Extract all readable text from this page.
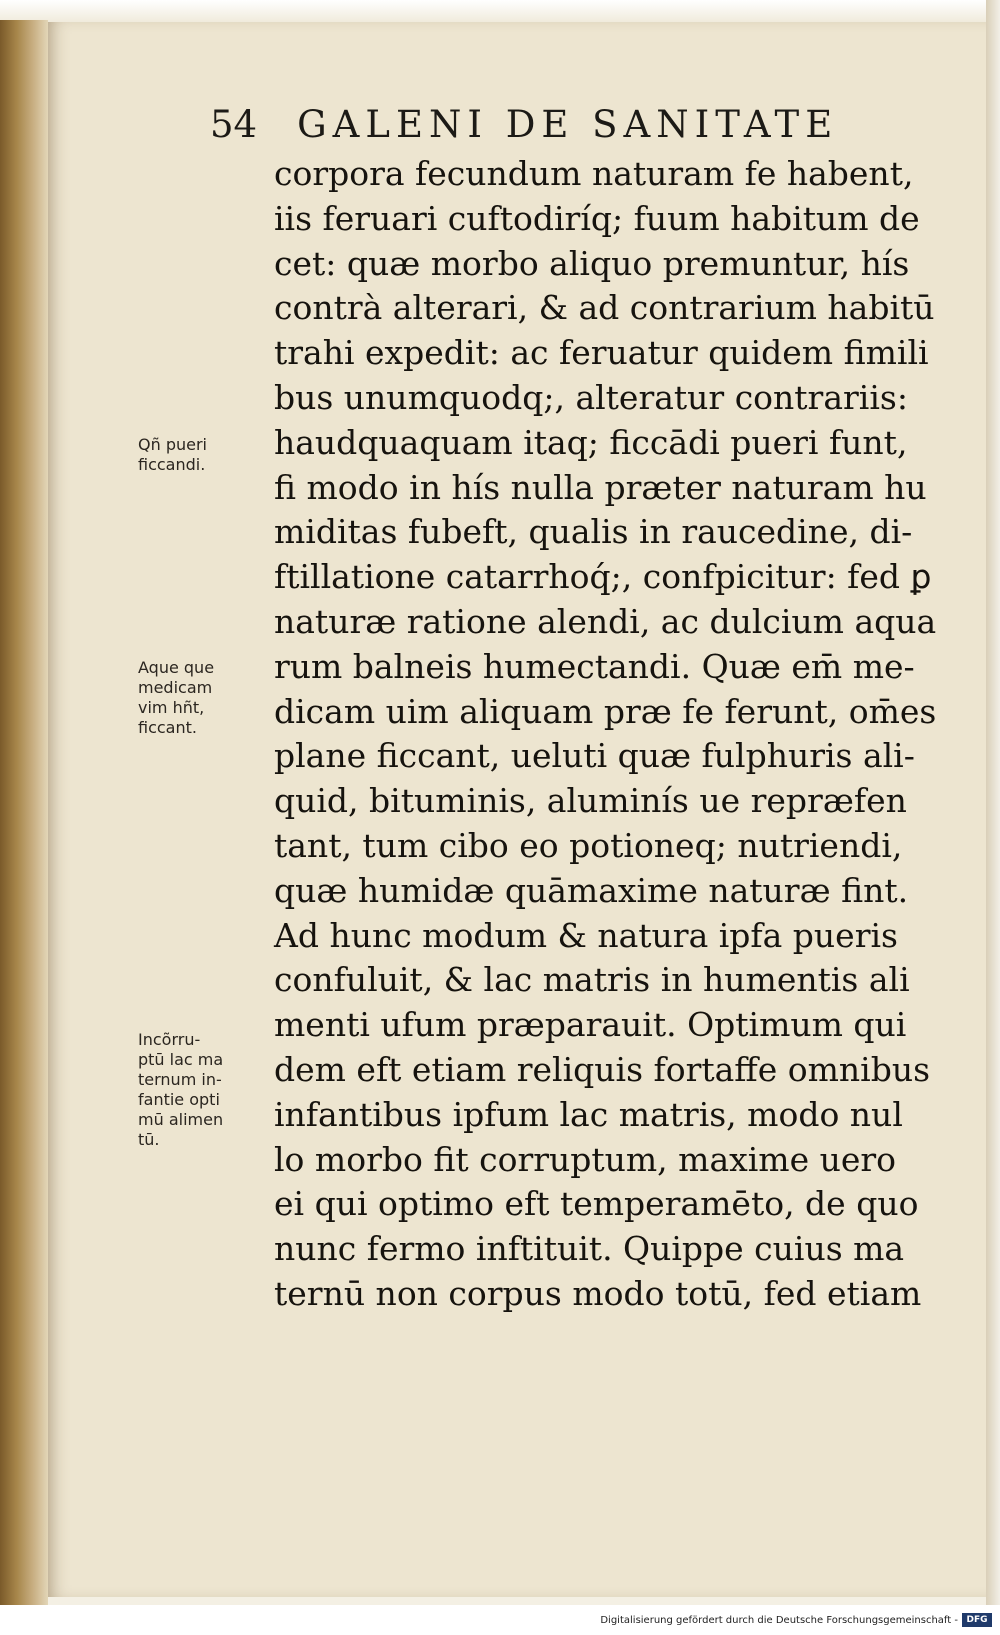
54 GALENI DE SANITATE
corpora fecundum naturam fe habent,
iis feruari cuftodiríq; fuum habitum de
cet: quæ morbo aliquo premuntur, hís
contrà alterari, & ad contrarium habitū
trahi expedit: ac feruatur quidem fimili
bus unumquodq;, alteratur contrariis:
haudquaquam itaq; ficcādi pueri funt,
fi modo in hís nulla præter naturam hu
miditas fubeft, qualis in raucedine, di-
ftillatione catarrhoq́;, confpicitur: fed ꝑ
naturæ ratione alendi, ac dulcium aqua
rum balneis humectandi. Quæ em̄ me-
dicam uim aliquam præ fe ferunt, om̄es
plane ficcant, ueluti quæ fulphuris ali-
quid, bituminis, aluminís ue repræfen
tant, tum cibo eo potioneq; nutriendi,
quæ humidæ quāmaxime naturæ fint.
Ad hunc modum & natura ipfa pueris
confuluit, & lac matris in humentis ali
menti ufum præparauit. Optimum qui
dem eft etiam reliquis fortaffe omnibus
infantibus ipfum lac matris, modo nul
lo morbo fit corruptum, maxime uero
ei qui optimo eft temperamēto, de quo
nunc fermo inftituit. Quippe cuius ma
ternū non corpus modo totū, fed etiam
Qñ pueri
ficcandi.
Aque que
medicam
vim hñt,
ficcant.
Incõrru-
ptū lac ma
ternum in-
fantie opti
mū alimen
tū.
Digitalisierung gefördert durch die Deutsche Forschungsgemeinschaft - DFG
